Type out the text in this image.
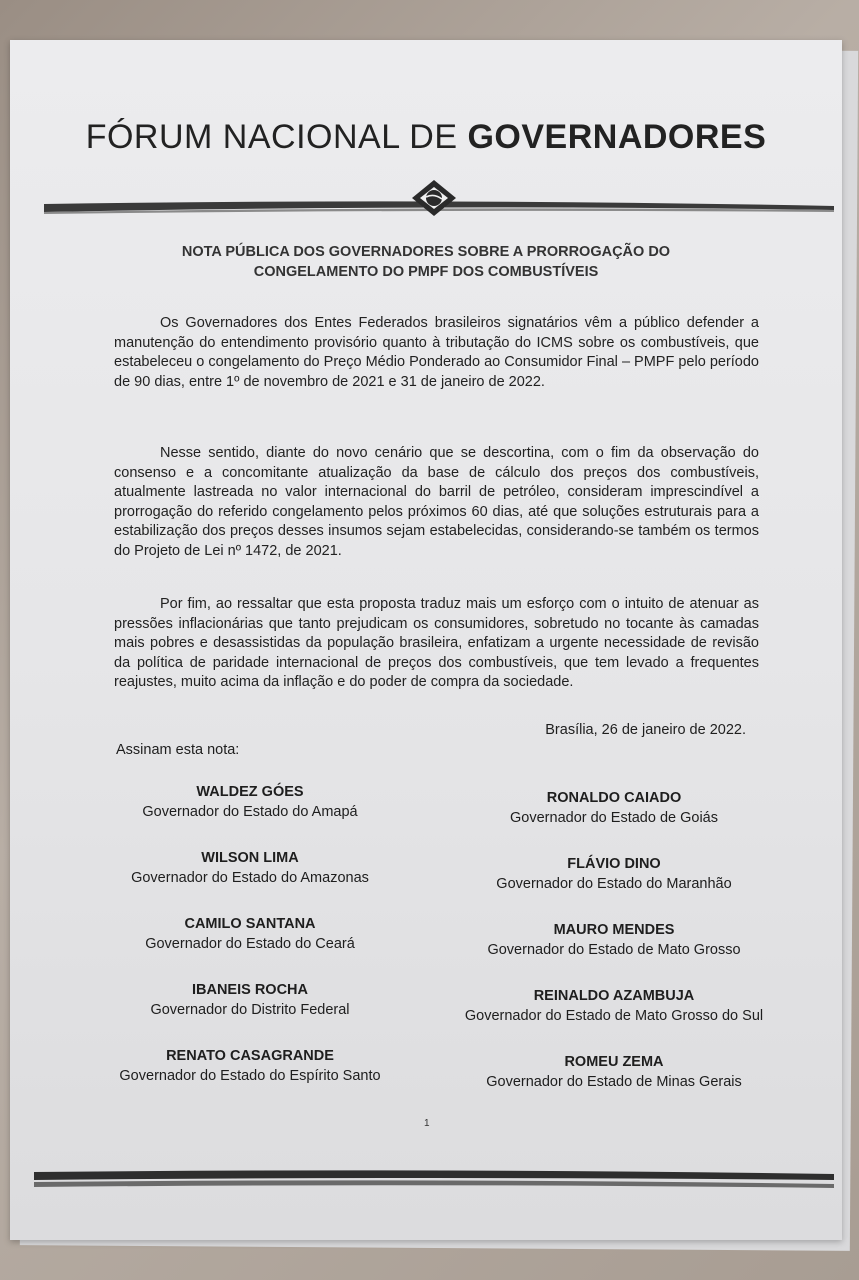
FÓRUM NACIONAL DE GOVERNADORES
NOTA PÚBLICA DOS GOVERNADORES SOBRE A PRORROGAÇÃO DO
CONGELAMENTO DO PMPF DOS COMBUSTÍVEIS
Os Governadores dos Entes Federados brasileiros signatários vêm a público defender a manutenção do entendimento provisório quanto à tributação do ICMS sobre os combustíveis, que estabeleceu o congelamento do Preço Médio Ponderado ao Consumidor Final – PMPF pelo período de 90 dias, entre 1º de novembro de 2021 e 31 de janeiro de 2022.
Nesse sentido, diante do novo cenário que se descortina, com o fim da observação do consenso e a concomitante atualização da base de cálculo dos preços dos combustíveis, atualmente lastreada no valor internacional do barril de petróleo, consideram imprescindível a prorrogação do referido congelamento pelos próximos 60 dias, até que soluções estruturais para a estabilização dos preços desses insumos sejam estabelecidas, considerando-se também os termos do Projeto de Lei nº 1472, de 2021.
Por fim, ao ressaltar que esta proposta traduz mais um esforço com o intuito de atenuar as pressões inflacionárias que tanto prejudicam os consumidores, sobretudo no tocante às camadas mais pobres e desassistidas da população brasileira, enfatizam a urgente necessidade de revisão da política de paridade internacional de preços dos combustíveis, que tem levado a frequentes reajustes, muito acima da inflação e do poder de compra da sociedade.
Brasília, 26 de janeiro de 2022.
Assinam esta nota:
WALDEZ GÓES
Governador do Estado do Amapá
WILSON LIMA
Governador do Estado do Amazonas
CAMILO SANTANA
Governador do Estado do Ceará
IBANEIS ROCHA
Governador do Distrito Federal
RENATO CASAGRANDE
Governador do Estado do Espírito Santo
RONALDO CAIADO
Governador do Estado de Goiás
FLÁVIO DINO
Governador do Estado do Maranhão
MAURO MENDES
Governador do Estado de Mato Grosso
REINALDO AZAMBUJA
Governador do Estado de Mato Grosso do Sul
ROMEU ZEMA
Governador do Estado de Minas Gerais
1
